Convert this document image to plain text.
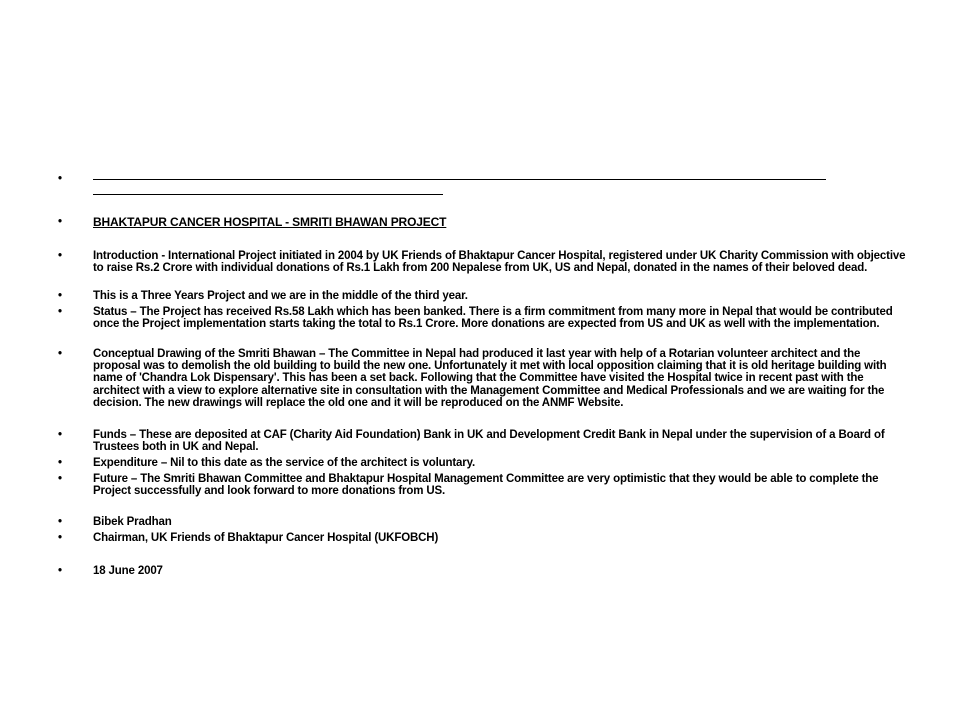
•
•	BHAKTAPUR CANCER HOSPITAL - SMRITI BHAWAN PROJECT
•	Introduction - International Project initiated in 2004 by UK Friends of Bhaktapur Cancer Hospital, registered under UK Charity Commission with objective to raise Rs.2 Crore with individual donations of Rs.1 Lakh from 200 Nepalese from UK, US and Nepal, donated in the names of their beloved dead.
•	This is a Three Years Project and we are in the middle of the third year.
•	Status – The Project has received Rs.58 Lakh which has been banked. There is a firm commitment from many more in Nepal that would be contributed once the Project implementation starts taking the total to Rs.1 Crore. More donations are expected from US and UK as well with the implementation.
•	Conceptual Drawing of the Smriti Bhawan – The Committee in Nepal had produced it last year with help of a Rotarian volunteer architect and the proposal was to demolish the old building to build the new one. Unfortunately it met with local opposition claiming that it is old heritage building with name of 'Chandra Lok Dispensary'. This has been a set back. Following that the Committee have visited the Hospital twice in recent past with the architect with a view to explore alternative site in consultation with the Management Committee and Medical Professionals and we are waiting for the decision. The new drawings will replace the old one and it will be reproduced on the ANMF Website.
•	Funds – These are deposited at CAF (Charity Aid Foundation) Bank in UK and Development Credit Bank in Nepal under the supervision of a Board of Trustees both in UK and Nepal.
•	Expenditure – Nil to this date as the service of the architect is voluntary.
•	Future – The Smriti Bhawan Committee and Bhaktapur Hospital Management Committee are very optimistic that they would be able to complete the Project successfully and look forward to more donations from US.
•	Bibek Pradhan
•	Chairman, UK Friends of Bhaktapur Cancer Hospital (UKFOBCH)
•	18 June 2007
